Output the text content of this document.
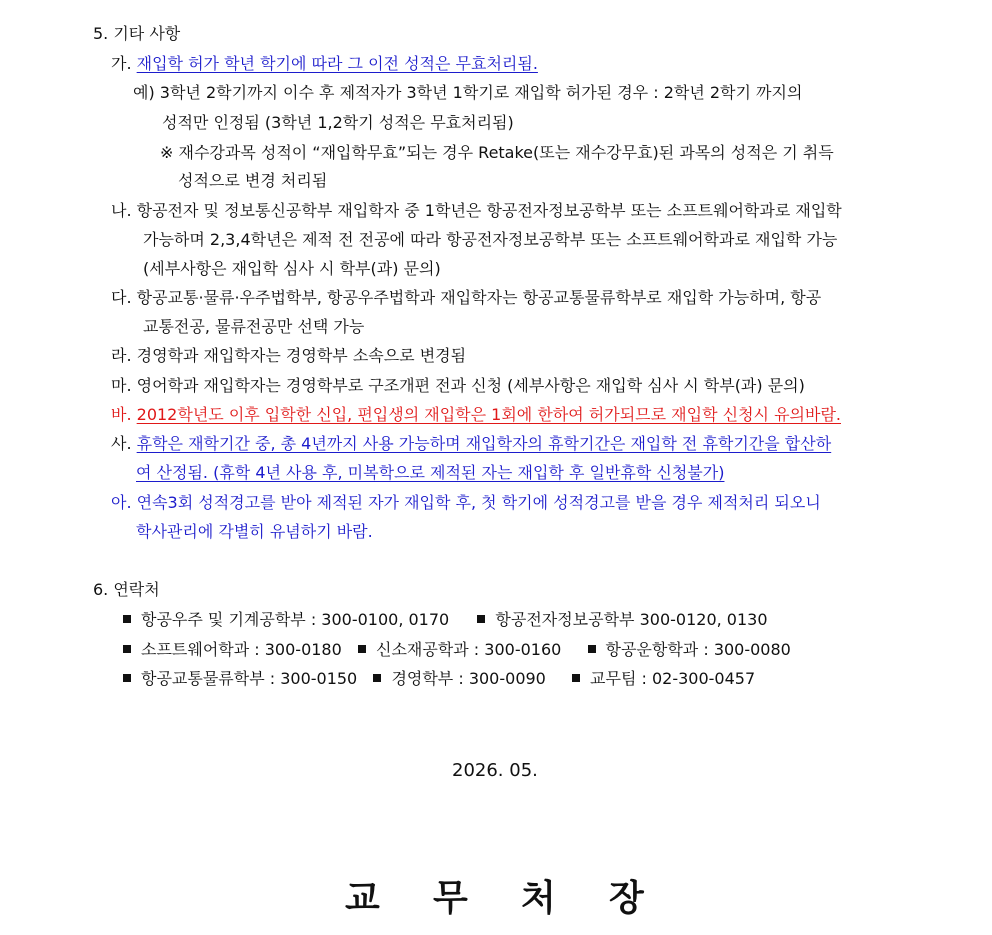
5. 기타 사항
가. 재입학 허가 학년 학기에 따라 그 이전 성적은 무효처리됨.
예) 3학년 2학기까지 이수 후 제적자가 3학년 1학기로 재입학 허가된 경우 : 2학년 2학기 까지의
성적만 인정됨 (3학년 1,2학기 성적은 무효처리됨)
※ 재수강과목 성적이 “재입학무효”되는 경우 Retake(또는 재수강무효)된 과목의 성적은 기 취득
성적으로 변경 처리됨
나. 항공전자 및 정보통신공학부 재입학자 중 1학년은 항공전자정보공학부 또는 소프트웨어학과로 재입학
가능하며 2,3,4학년은 제적 전 전공에 따라 항공전자정보공학부 또는 소프트웨어학과로 재입학 가능
(세부사항은 재입학 심사 시 학부(과) 문의)
다. 항공교통·물류·우주법학부, 항공우주법학과 재입학자는 항공교통물류학부로 재입학 가능하며, 항공
교통전공, 물류전공만 선택 가능
라. 경영학과 재입학자는 경영학부 소속으로 변경됨
마. 영어학과 재입학자는 경영학부로 구조개편 전과 신청 (세부사항은 재입학 심사 시 학부(과) 문의)
바. 2012학년도 이후 입학한 신입, 편입생의 재입학은 1회에 한하여 허가되므로 재입학 신청시 유의바람.
사. 휴학은 재학기간 중, 총 4년까지 사용 가능하며 재입학자의 휴학기간은 재입학 전 휴학기간을 합산하
여 산정됨. (휴학 4년 사용 후, 미복학으로 제적된 자는 재입학 후 일반휴학 신청불가)
아. 연속3회 성적경고를 받아 제적된 자가 재입학 후, 첫 학기에 성적경고를 받을 경우 제적처리 되오니
학사관리에 각별히 유념하기 바람.
6. 연락처
항공우주 및 기계공학부 : 300-0100, 0170	항공전자정보공학부 300-0120, 0130
소프트웨어학과 : 300-0180 신소재공학과 : 300-0160	항공운항학과 : 300-0080
항공교통물류학부 : 300-0150 경영학부 : 300-0090	교무팀 : 02-300-0457
2026. 05.
교 무 처 장
